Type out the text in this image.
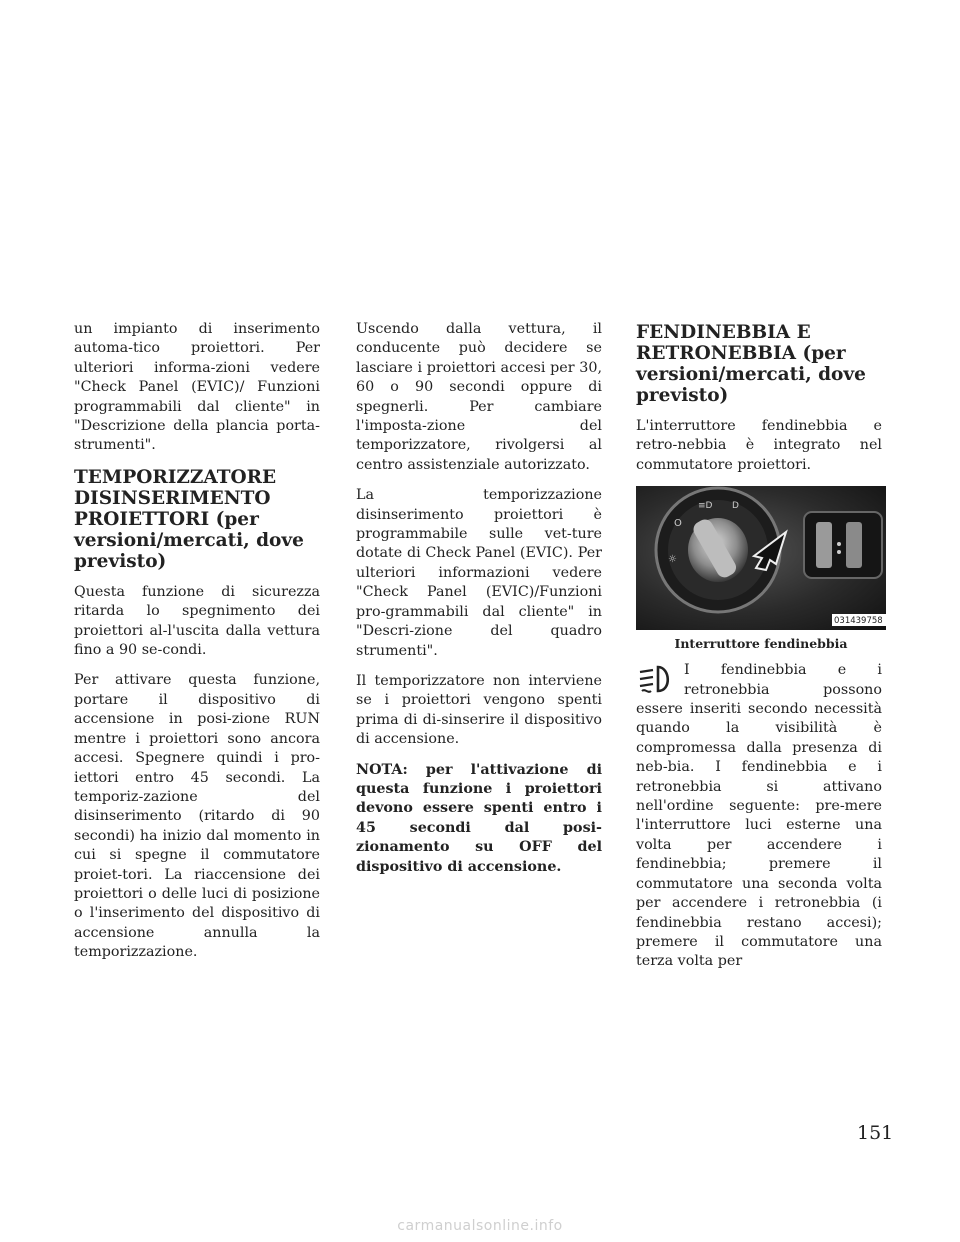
un impianto di inserimento automa-tico proiettori. Per ulteriori informa-zioni vedere "Check Panel (EVIC)/ Funzioni programmabili dal cliente" in "Descrizione della plancia porta-strumenti".

TEMPORIZZATORE DISINSERIMENTO PROIETTORI (per versioni/mercati, dove previsto)

Questa funzione di sicurezza ritarda lo spegnimento dei proiettori al-l'uscita dalla vettura fino a 90 se-condi.

Per attivare questa funzione, portare il dispositivo di accensione in posi-zione RUN mentre i proiettori sono ancora accesi. Spegnere quindi i pro-iettori entro 45 secondi. La temporiz-zazione del disinserimento (ritardo di 90 secondi) ha inizio dal momento in cui si spegne il commutatore proiet-tori. La riaccensione dei proiettori o delle luci di posizione o l'inserimento del dispositivo di accensione annulla la temporizzazione.

Uscendo dalla vettura, il conducente può decidere se lasciare i proiettori accesi per 30, 60 o 90 secondi oppure di spegnerli. Per cambiare l'imposta-zione del temporizzatore, rivolgersi al centro assistenziale autorizzato.

La temporizzazione disinserimento proiettori è programmabile sulle vet-ture dotate di Check Panel (EVIC). Per ulteriori informazioni vedere "Check Panel (EVIC)/Funzioni pro-grammabili dal cliente" in "Descri-zione del quadro strumenti".

Il temporizzatore non interviene se i proiettori vengono spenti prima di di-sinserire il dispositivo di accensione.

NOTA: per l'attivazione di questa funzione i proiettori devono essere spenti entro i 45 secondi dal posi-zionamento su OFF del dispositivo di accensione.

FENDINEBBIA E RETRONEBBIA (per versioni/mercati, dove previsto)

L'interruttore fendinebbia e retro-nebbia è integrato nel commutatore proiettori.

O
≡D D
☼
031439758
Interruttore fendinebbia

I fendinebbia e i retronebbia possono essere inseriti secondo necessità quando la visibilità è compromessa dalla presenza di neb-bia. I fendinebbia e i retronebbia si attivano nell'ordine seguente: pre-mere l'interruttore luci esterne una volta per accendere i fendinebbia; premere il commutatore una seconda volta per accendere i retronebbia (i fendinebbia restano accesi); premere il commutatore una terza volta per

151
carmanualsonline.info
